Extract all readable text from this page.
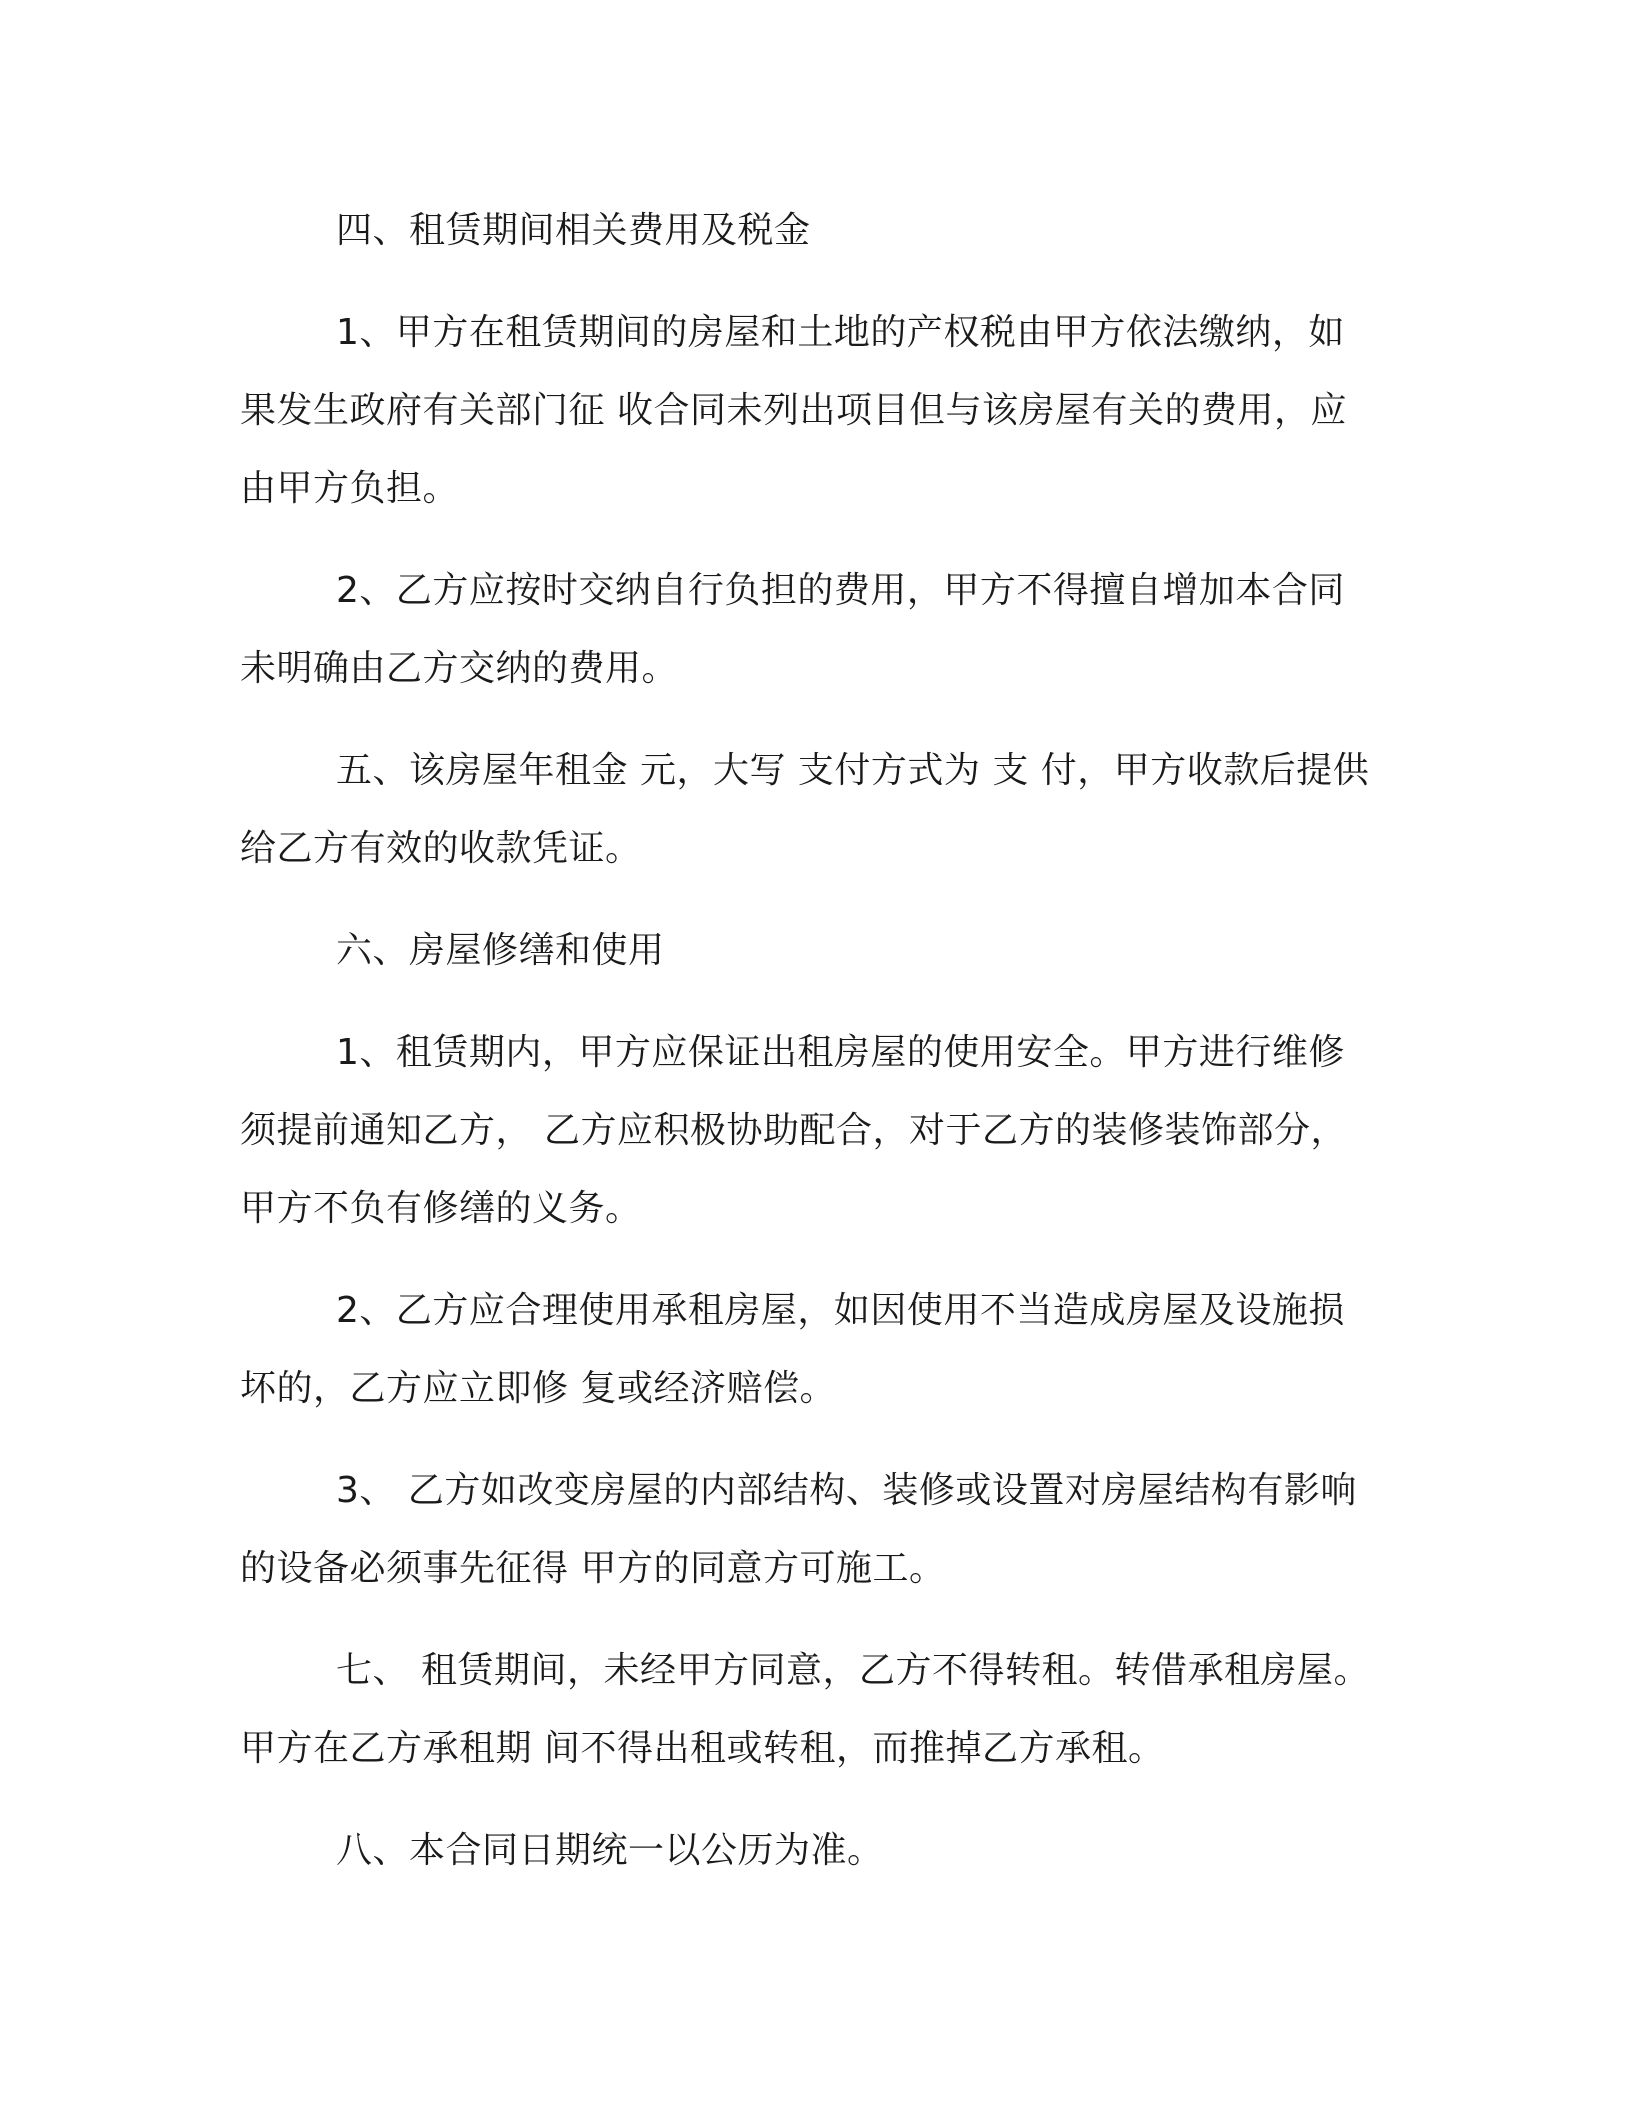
四、租赁期间相关费用及税金

1、甲方在租赁期间的房屋和土地的产权税由甲方依法缴纳，如果发生政府有关部门征 收合同未列出项目但与该房屋有关的费用，应由甲方负担。

2、乙方应按时交纳自行负担的费用，甲方不得擅自增加本合同未明确由乙方交纳的费用。

五、该房屋年租金 元，大写 支付方式为 支 付，甲方收款后提供给乙方有效的收款凭证。

六、房屋修缮和使用

1、租赁期内，甲方应保证出租房屋的使用安全。甲方进行维修须提前通知乙方， 乙方应积极协助配合，对于乙方的装修装饰部分，甲方不负有修缮的义务。

2、乙方应合理使用承租房屋，如因使用不当造成房屋及设施损坏的，乙方应立即修 复或经济赔偿。

3、 乙方如改变房屋的内部结构、装修或设置对房屋结构有影响的设备必须事先征得 甲方的同意方可施工。

七、 租赁期间，未经甲方同意，乙方不得转租。转借承租房屋。甲方在乙方承租期 间不得出租或转租，而推掉乙方承租。

八、本合同日期统一以公历为准。
